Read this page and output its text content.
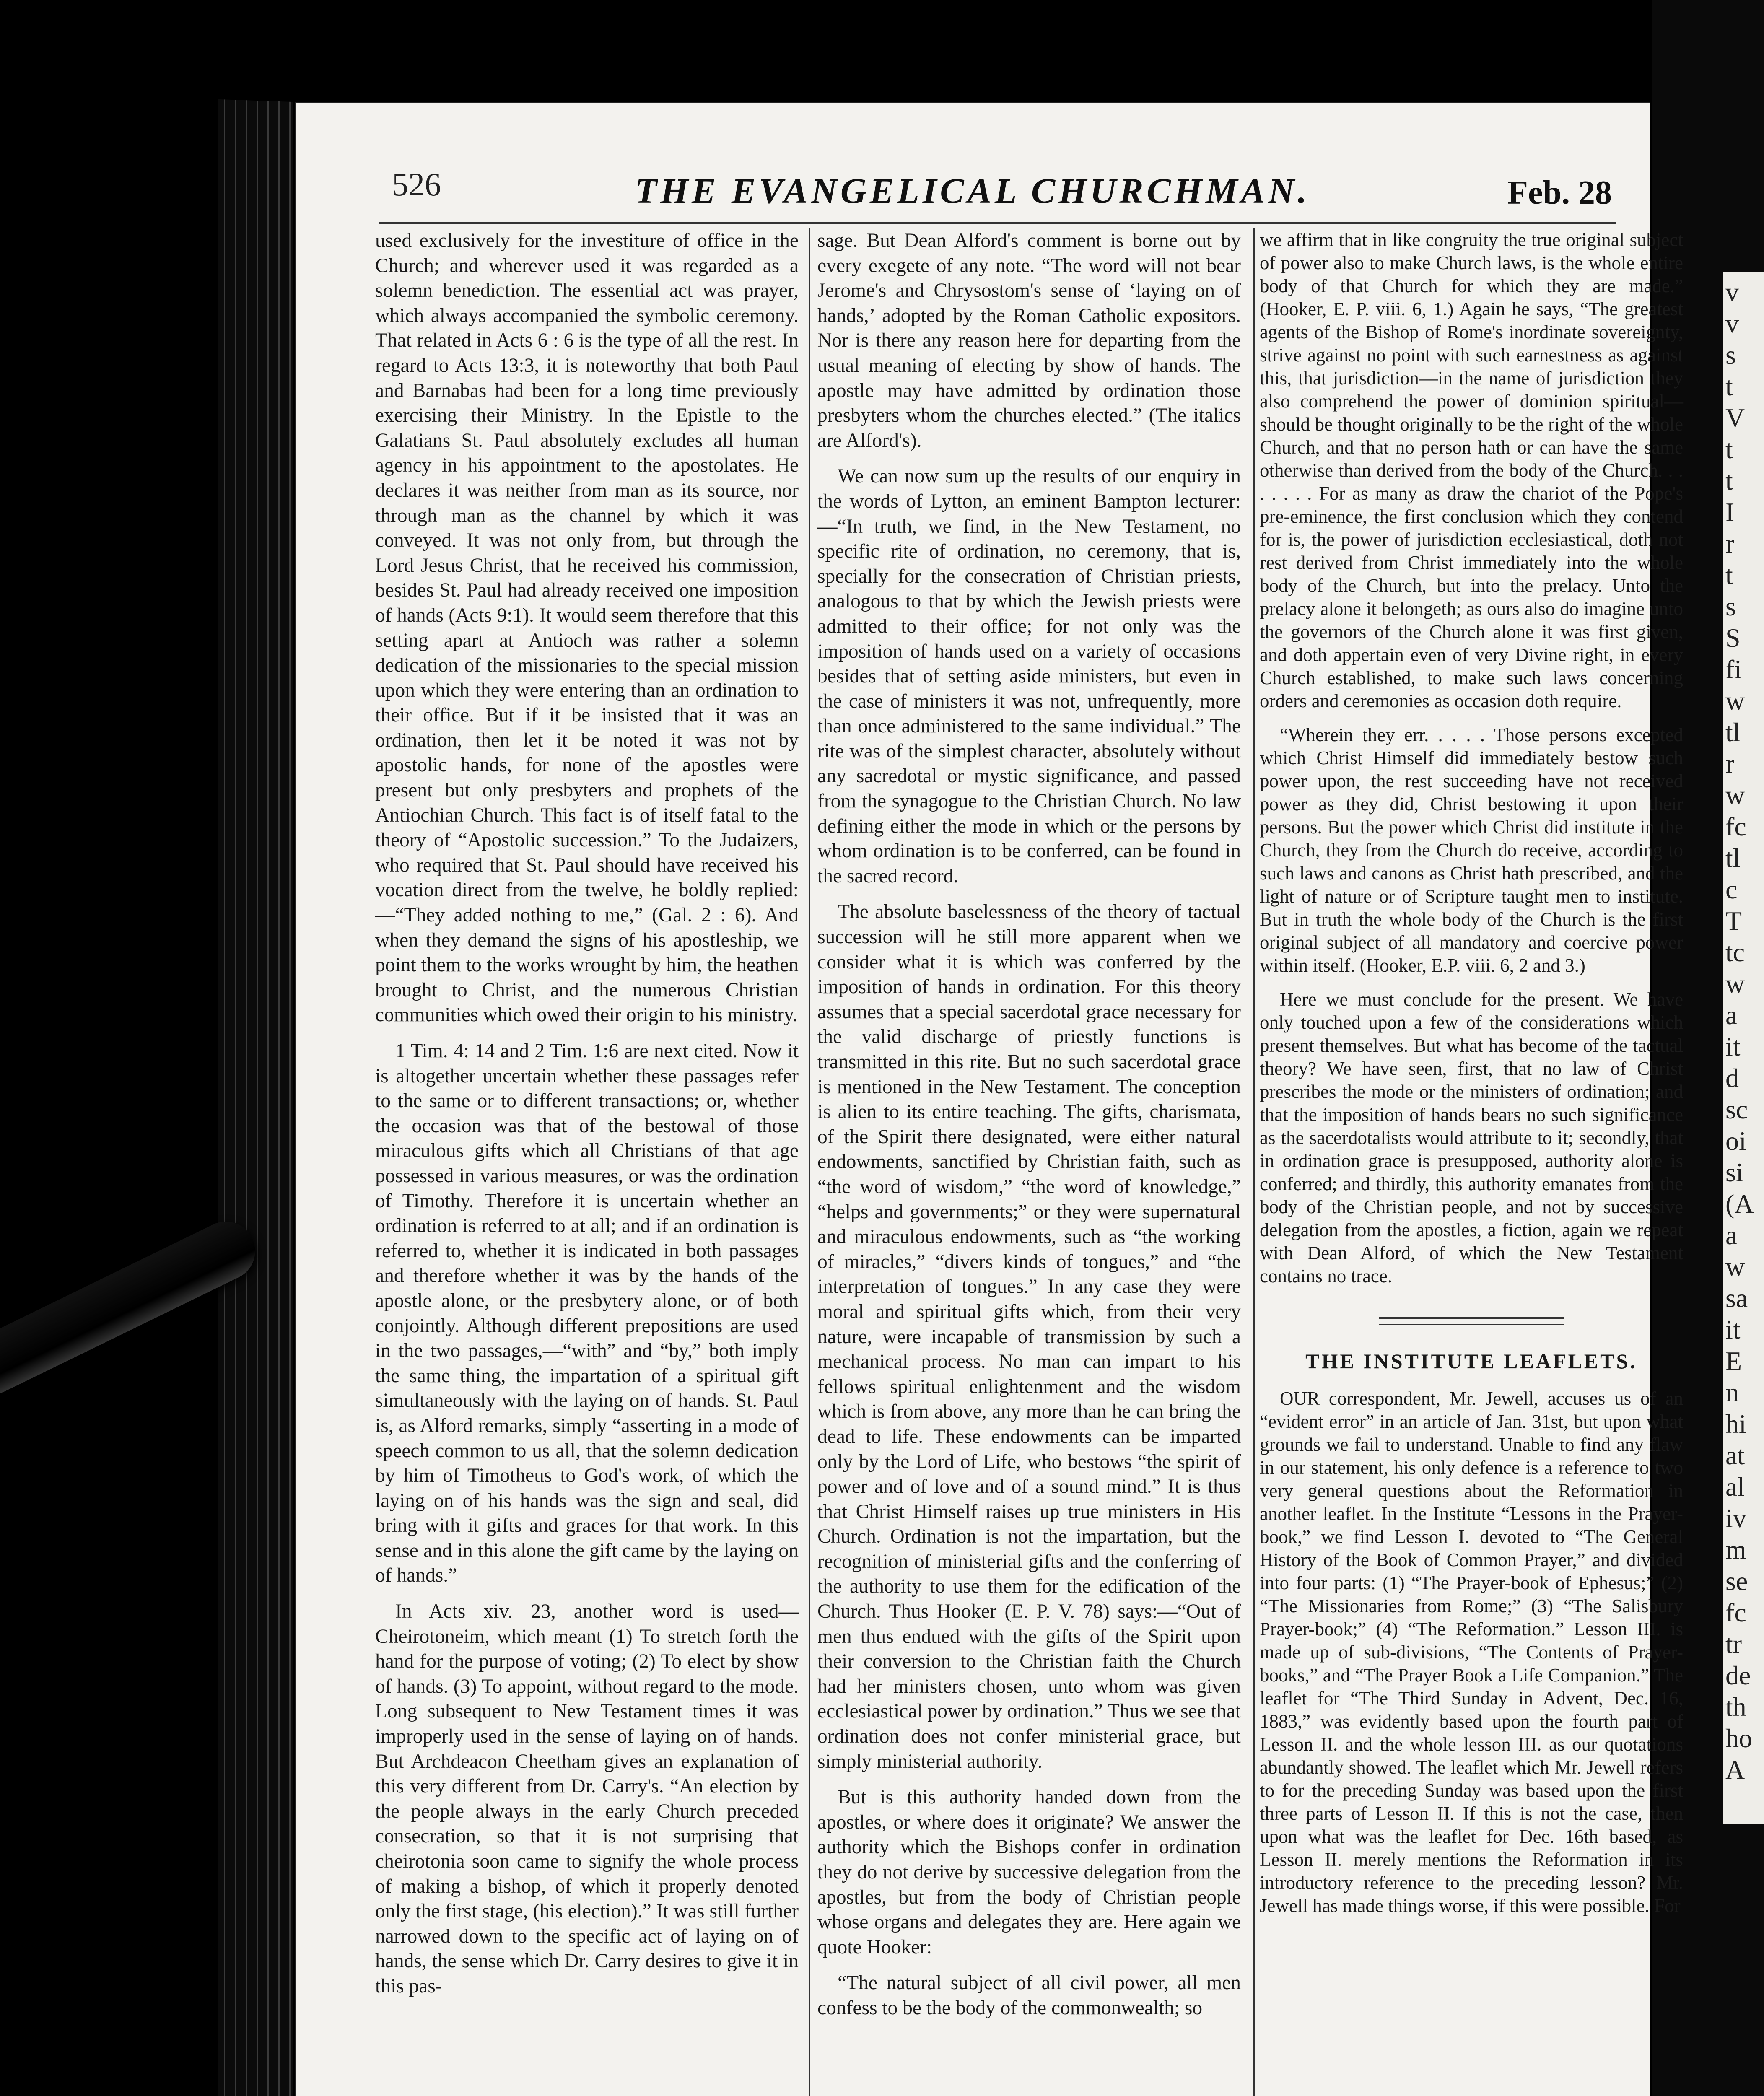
v
v
s
t
V
t
t
I
r
t
s
S
fi
w
tl
r
w
fc
tl
c
T
tc
w
a
it
d
sc
oi
si
(A
a
w
sa
it
E
n
hi
at
al
iv
m
se
fc
tr
de
th
ho
A
526	THE EVANGELICAL CHURCHMAN.	Feb. 28

used exclusively for the investiture of office in the Church; and wherever used it was regarded as a solemn benediction. The essential act was prayer, which always accompanied the symbolic ceremony. That related in Acts 6 : 6 is the type of all the rest. In regard to Acts 13:3, it is noteworthy that both Paul and Barnabas had been for a long time previously exercising their Ministry. In the Epistle to the Galatians St. Paul absolutely excludes all human agency in his appointment to the apostolates. He declares it was neither from man as its source, nor through man as the channel by which it was conveyed. It was not only from, but through the Lord Jesus Christ, that he received his commission, besides St. Paul had already received one imposition of hands (Acts 9:1). It would seem therefore that this setting apart at Antioch was rather a solemn dedication of the missionaries to the special mission upon which they were entering than an ordination to their office. But if it be insisted that it was an ordination, then let it be noted it was not by apostolic hands, for none of the apostles were present but only presbyters and prophets of the Antiochian Church. This fact is of itself fatal to the theory of “Apostolic succession.” To the Judaizers, who required that St. Paul should have received his vocation direct from the twelve, he boldly replied:—“They added nothing to me,” (Gal. 2 : 6). And when they demand the signs of his apostleship, we point them to the works wrought by him, the heathen brought to Christ, and the numerous Christian communities which owed their origin to his ministry.

1 Tim. 4: 14 and 2 Tim. 1:6 are next cited. Now it is altogether uncertain whether these passages refer to the same or to different transactions; or, whether the occasion was that of the bestowal of those miraculous gifts which all Christians of that age possessed in various measures, or was the ordination of Timothy. Therefore it is uncertain whether an ordination is referred to at all; and if an ordination is referred to, whether it is indicated in both passages and therefore whether it was by the hands of the apostle alone, or the presbytery alone, or of both conjointly. Although different prepositions are used in the two passages,—“with” and “by,” both imply the same thing, the impartation of a spiritual gift simultaneously with the laying on of hands. St. Paul is, as Alford remarks, simply “asserting in a mode of speech common to us all, that the solemn dedication by him of Timotheus to God's work, of which the laying on of his hands was the sign and seal, did bring with it gifts and graces for that work. In this sense and in this alone the gift came by the laying on of hands.”

In Acts xiv. 23, another word is used—Cheirotoneim, which meant (1) To stretch forth the hand for the purpose of voting; (2) To elect by show of hands. (3) To appoint, without regard to the mode. Long subsequent to New Testament times it was improperly used in the sense of laying on of hands. But Archdeacon Cheetham gives an explanation of this very different from Dr. Carry's. “An election by the people always in the early Church preceded consecration, so that it is not surprising that cheirotonia soon came to signify the whole process of making a bishop, of which it properly denoted only the first stage, (his election).” It was still further narrowed down to the specific act of laying on of hands, the sense which Dr. Carry desires to give it in this pas-

sage. But Dean Alford's comment is borne out by every exegete of any note. “The word will not bear Jerome's and Chrysostom's sense of ‘laying on of hands,’ adopted by the Roman Catholic expositors. Nor is there any reason here for departing from the usual meaning of electing by show of hands. The apostle may have admitted by ordination those presbyters whom the churches elected.” (The italics are Alford's).

We can now sum up the results of our enquiry in the words of Lytton, an eminent Bampton lecturer:—“In truth, we find, in the New Testament, no specific rite of ordination, no ceremony, that is, specially for the consecration of Christian priests, analogous to that by which the Jewish priests were admitted to their office; for not only was the imposition of hands used on a variety of occasions besides that of setting aside ministers, but even in the case of ministers it was not, unfrequently, more than once administered to the same individual.” The rite was of the simplest character, absolutely without any sacredotal or mystic significance, and passed from the synagogue to the Christian Church. No law defining either the mode in which or the persons by whom ordination is to be conferred, can be found in the sacred record.

The absolute baselessness of the theory of tactual succession will he still more apparent when we consider what it is which was conferred by the imposition of hands in ordination. For this theory assumes that a special sacerdotal grace necessary for the valid discharge of priestly functions is transmitted in this rite. But no such sacerdotal grace is mentioned in the New Testament. The conception is alien to its entire teaching. The gifts, charismata, of the Spirit there designated, were either natural endowments, sanctified by Christian faith, such as “the word of wisdom,” “the word of knowledge,” “helps and governments;” or they were supernatural and miraculous endowments, such as “the working of miracles,” “divers kinds of tongues,” and “the interpretation of tongues.” In any case they were moral and spiritual gifts which, from their very nature, were incapable of transmission by such a mechanical process. No man can impart to his fellows spiritual enlightenment and the wisdom which is from above, any more than he can bring the dead to life. These endowments can be imparted only by the Lord of Life, who bestows “the spirit of power and of love and of a sound mind.” It is thus that Christ Himself raises up true ministers in His Church. Ordination is not the impartation, but the recognition of ministerial gifts and the conferring of the authority to use them for the edification of the Church. Thus Hooker (E. P. V. 78) says:—“Out of men thus endued with the gifts of the Spirit upon their conversion to the Christian faith the Church had her ministers chosen, unto whom was given ecclesiastical power by ordination.” Thus we see that ordination does not confer ministerial grace, but simply ministerial authority.

But is this authority handed down from the apostles, or where does it originate? We answer the authority which the Bishops confer in ordination they do not derive by successive delegation from the apostles, but from the body of Christian people whose organs and delegates they are. Here again we quote Hooker:

“The natural subject of all civil power, all men confess to be the body of the commonwealth; so

we affirm that in like congruity the true original subject of power also to make Church laws, is the whole entire body of that Church for which they are made.” (Hooker, E. P. viii. 6, 1.) Again he says, “The greatest agents of the Bishop of Rome's inordinate sovereignty, strive against no point with such earnestness as against this, that jurisdiction—in the name of jurisdiction they also comprehend the power of dominion spiritual—should be thought originally to be the right of the whole Church, and that no person hath or can have the same otherwise than derived from the body of the Church. . . . . . . . For as many as draw the chariot of the Pope's pre-eminence, the first conclusion which they contend for is, the power of jurisdiction ecclesiastical, doth not rest derived from Christ immediately into the whole body of the Church, but into the prelacy. Unto the prelacy alone it belongeth; as ours also do imagine unto the governors of the Church alone it was first given, and doth appertain even of very Divine right, in every Church established, to make such laws concerning orders and ceremonies as occasion doth require.

“Wherein they err. . . . . Those persons excepted which Christ Himself did immediately bestow such power upon, the rest succeeding have not received power as they did, Christ bestowing it upon their persons. But the power which Christ did institute in the Church, they from the Church do receive, according to such laws and canons as Christ hath prescribed, and the light of nature or of Scripture taught men to institute. But in truth the whole body of the Church is the first original subject of all mandatory and coercive power within itself. (Hooker, E.P. viii. 6, 2 and 3.)

Here we must conclude for the present. We have only touched upon a few of the considerations which present themselves. But what has become of the tactual theory? We have seen, first, that no law of Christ prescribes the mode or the ministers of ordination; and that the imposition of hands bears no such significance as the sacerdotalists would attribute to it; secondly, that in ordination grace is presupposed, authority alone is conferred; and thirdly, this authority emanates from the body of the Christian people, and not by successive delegation from the apostles, a fiction, again we repeat with Dean Alford, of which the New Testament contains no trace.

THE INSTITUTE LEAFLETS.

OUR correspondent, Mr. Jewell, accuses us of an “evident error” in an article of Jan. 31st, but upon what grounds we fail to understand. Unable to find any flaw in our statement, his only defence is a reference to two very general questions about the Reformation in another leaflet. In the Institute “Lessons in the Prayer-book,” we find Lesson I. devoted to “The General History of the Book of Common Prayer,” and divided into four parts: (1) “The Prayer-book of Ephesus;” (2) “The Missionaries from Rome;” (3) “The Salisbury Prayer-book;” (4) “The Reformation.” Lesson III. is made up of sub-divisions, “The Contents of Prayer-books,” and “The Prayer Book a Life Companion.” The leaflet for “The Third Sunday in Advent, Dec. 16, 1883,” was evidently based upon the fourth part of Lesson II. and the whole lesson III. as our quotations abundantly showed. The leaflet which Mr. Jewell refers to for the preceding Sunday was based upon the first three parts of Lesson II. If this is not the case, then upon what was the leaflet for Dec. 16th based, as Lesson II. merely mentions the Reformation in its introductory reference to the preceding lesson? Mr. Jewell has made things worse, if this were possible. For
